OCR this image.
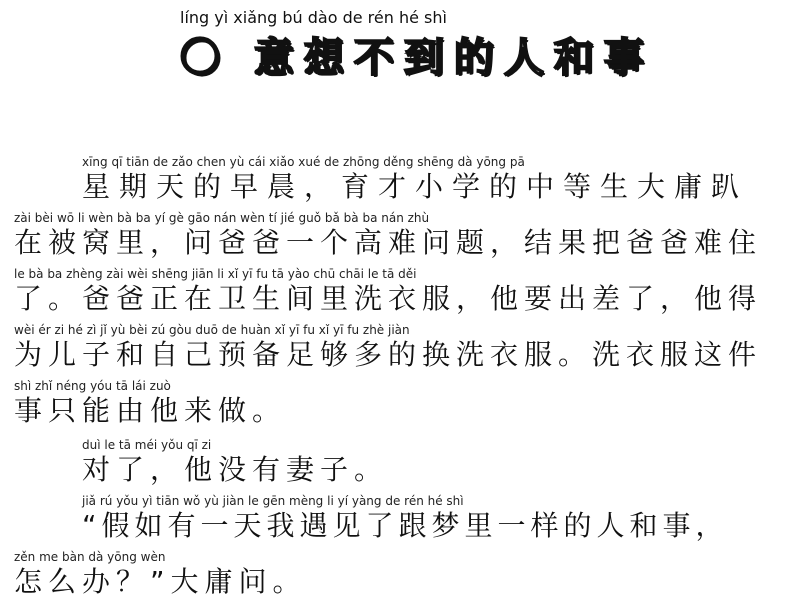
líng yì xiǎng bú dào de rén hé shì
〇 意想不到的人和事
xīng qī tiān de zǎo chen yù cái xiǎo xué de zhōng děng shēng dà yōng pā
星期天的早晨，育才小学的中等生大庸趴
zài bèi wō li wèn bà ba yí gè gāo nán wèn tí jié guǒ bǎ bà ba nán zhù
在被窝里，问爸爸一个高难问题，结果把爸爸难住
le bà ba zhèng zài wèi shēng jiān li xǐ yī fu tā yào chū chāi le tā děi
了。爸爸正在卫生间里洗衣服，他要出差了，他得
wèi ér zi hé zì jǐ yù bèi zú gòu duō de huàn xǐ yī fu xǐ yī fu zhè jiàn
为儿子和自己预备足够多的换洗衣服。洗衣服这件
shì zhǐ néng yóu tā lái zuò
事只能由他来做。
duì le tā méi yǒu qī zi
对了，他没有妻子。
jiǎ rú yǒu yì tiān wǒ yù jiàn le gēn mèng li yí yàng de rén hé shì
“假如有一天我遇见了跟梦里一样的人和事，
zěn me bàn dà yōng wèn
怎么办？”大庸问。
